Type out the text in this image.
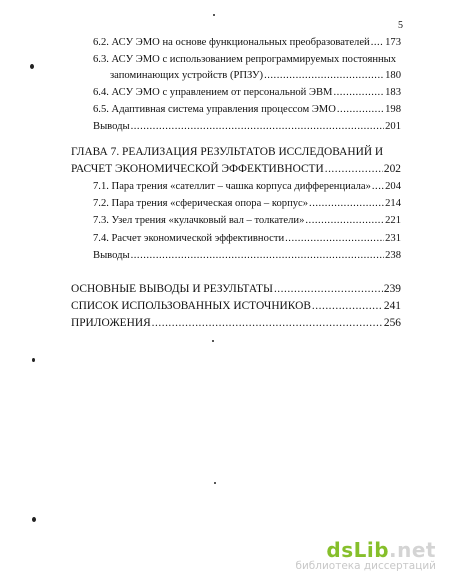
5
6.2. АСУ ЭМО на основе функциональных преобразователей ..... 173
6.3. АСУ ЭМО с использованием репрограммируемых постоянных
запоминающих устройств (РПЗУ) .....	180
6.4. АСУ ЭМО с управлением от персональной ЭВМ .....	183
6.5. Адаптивная система управления процессом ЭМО .....	198
Выводы .....	201
ГЛАВА 7. РЕАЛИЗАЦИЯ РЕЗУЛЬТАТОВ ИССЛЕДОВАНИЙ И
РАСЧЕТ ЭКОНОМИЧЕСКОЙ ЭФФЕКТИВНОСТИ .....	202
7.1. Пара трения «сателлит – чашка корпуса дифференциала» ..... 204
7.2. Пара трения «сферическая опора – корпус» .....	214
7.3. Узел трения «кулачковый вал – толкатели» .....	221
7.4. Расчет экономической эффективности .....	231
Выводы .....	238
ОСНОВНЫЕ ВЫВОДЫ И РЕЗУЛЬТАТЫ .....	239
СПИСОК ИСПОЛЬЗОВАННЫХ ИСТОЧНИКОВ .....	241
ПРИЛОЖЕНИЯ .....	256
dsLib.net
библиотека диссертаций
